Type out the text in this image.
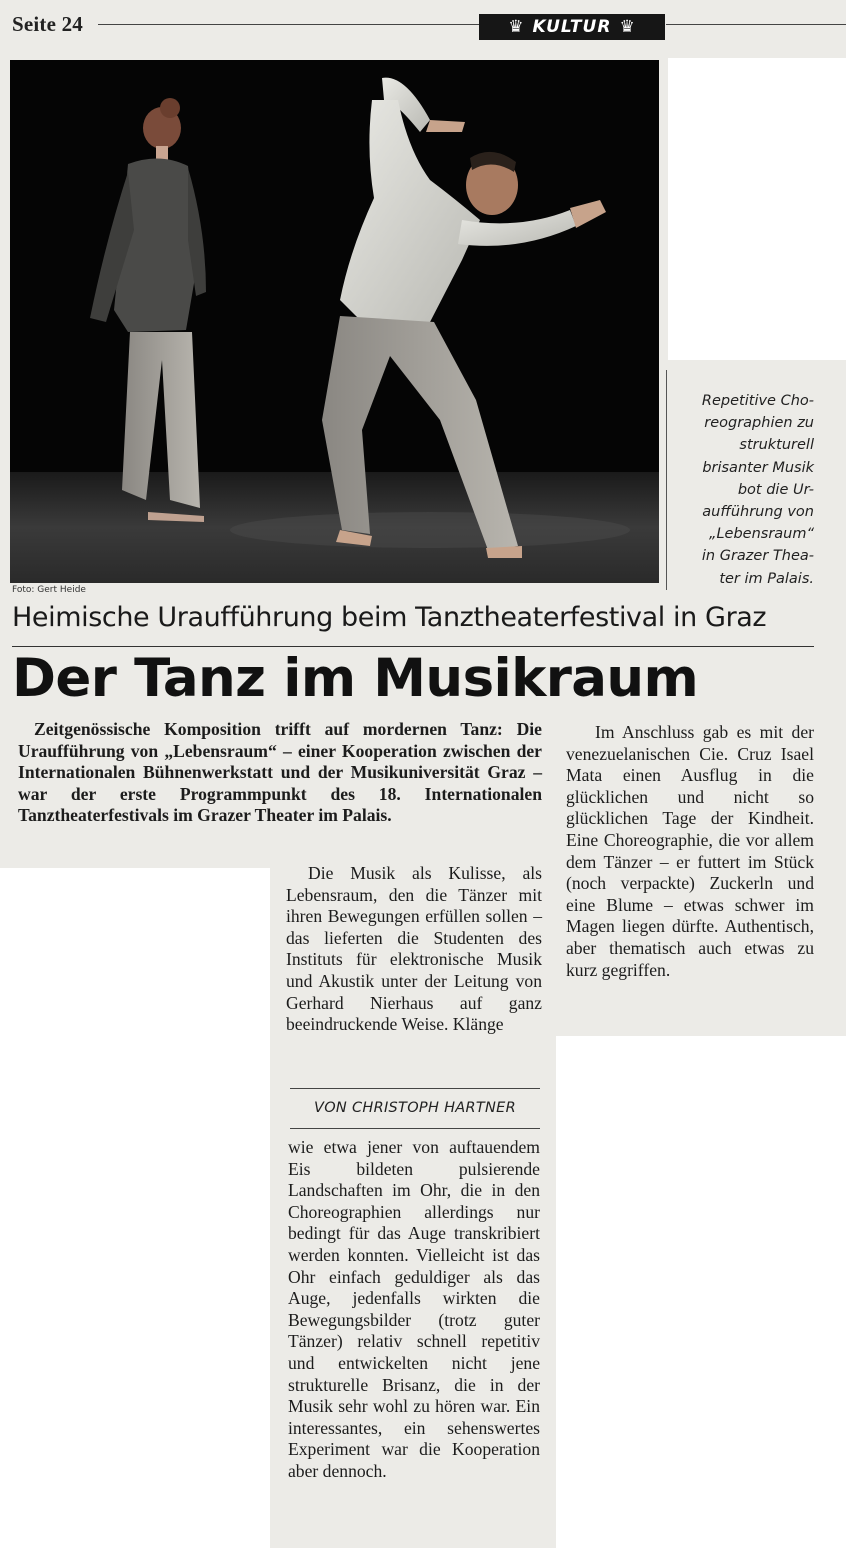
Seite 24	♛ KULTUR ♛
Foto: Gert Heide
Repetitive Cho-
reographien zu
strukturell
brisanter Musik
bot die Ur-
aufführung von
„Lebensraum“
in Grazer Thea-
ter im Palais.
Heimische Uraufführung beim Tanztheaterfestival in Graz
Der Tanz im Musikraum

Zeitgenössische Komposition trifft auf mordernen Tanz: Die Uraufführung von „Lebensraum“ – einer Kooperation zwischen der Internationalen Bühnenwerkstatt und der Musikuniversität Graz – war der erste Programmpunkt des 18. Internationalen Tanztheaterfestivals im Grazer Theater im Palais.

Die Musik als Kulisse, als Lebensraum, den die Tänzer mit ihren Bewegungen erfüllen sollen – das lieferten die Studenten des Instituts für elektronische Musik und Akustik unter der Leitung von Gerhard Nierhaus auf ganz beeindruckende Weise. Klänge

VON CHRISTOPH HARTNER

wie etwa jener von auftauendem Eis bildeten pulsierende Landschaften im Ohr, die in den Choreographien allerdings nur bedingt für das Auge transkribiert werden konnten. Vielleicht ist das Ohr einfach geduldiger als das Auge, jedenfalls wirkten die Bewegungsbilder (trotz guter Tänzer) relativ schnell repetitiv und entwickelten nicht jene strukturelle Brisanz, die in der Musik sehr wohl zu hören war. Ein interessantes, ein sehenswertes Experiment war die Kooperation aber dennoch.

Im Anschluss gab es mit der venezuelanischen Cie. Cruz Isael Mata einen Ausflug in die glücklichen und nicht so glücklichen Tage der Kindheit. Eine Choreographie, die vor allem dem Tänzer – er futtert im Stück (noch verpackte) Zuckerln und eine Blume – etwas schwer im Magen liegen dürfte. Authentisch, aber thematisch auch etwas zu kurz gegriffen.
